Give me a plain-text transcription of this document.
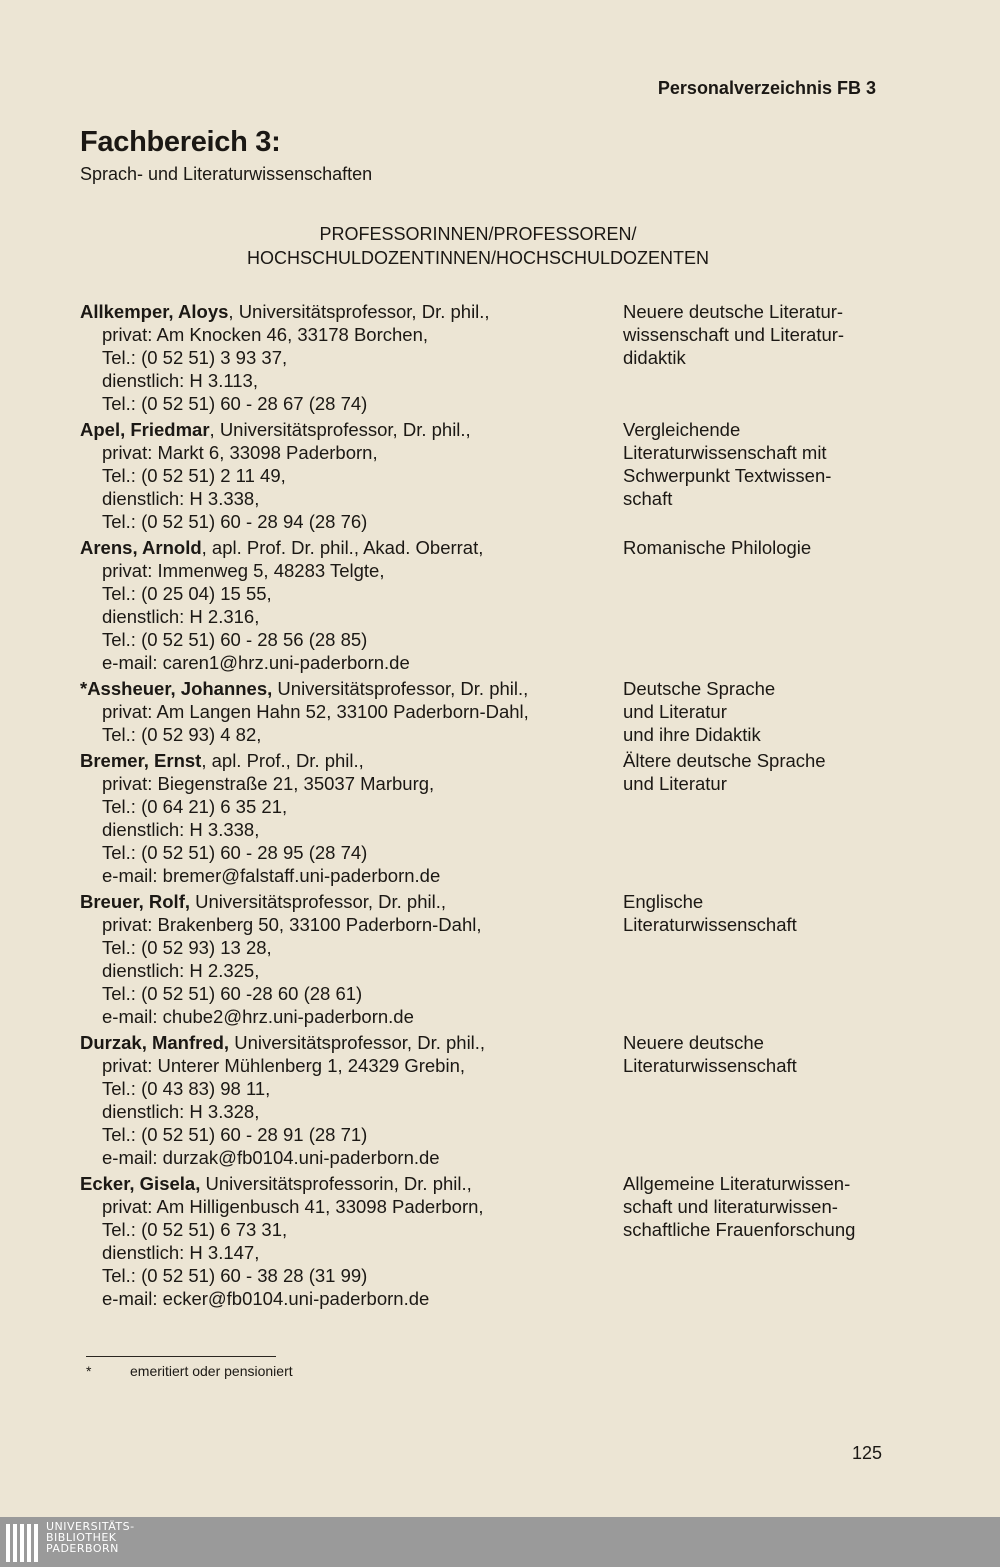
Personalverzeichnis FB 3
Fachbereich 3:
Sprach- und Literaturwissenschaften
PROFESSORINNEN/PROFESSOREN/
HOCHSCHULDOZENTINNEN/HOCHSCHULDOZENTEN
Allkemper, Aloys, Universitätsprofessor, Dr. phil.,
privat: Am Knocken 46, 33178 Borchen,
Tel.: (0 52 51) 3 93 37,
dienstlich: H 3.113,
Tel.: (0 52 51) 60 - 28 67 (28 74)
Neuere deutsche Literatur-
wissenschaft und Literatur-
didaktik
Apel, Friedmar, Universitätsprofessor, Dr. phil.,
privat: Markt 6, 33098 Paderborn,
Tel.: (0 52 51) 2 11 49,
dienstlich: H 3.338,
Tel.: (0 52 51) 60 - 28 94 (28 76)
Vergleichende
Literaturwissenschaft mit
Schwerpunkt Textwissen-
schaft
Arens, Arnold, apl. Prof. Dr. phil., Akad. Oberrat,
privat: Immenweg 5, 48283 Telgte,
Tel.: (0 25 04) 15 55,
dienstlich: H 2.316,
Tel.: (0 52 51) 60 - 28 56 (28 85)
e-mail: caren1@hrz.uni-paderborn.de
Romanische Philologie
*Assheuer, Johannes, Universitätsprofessor, Dr. phil.,
privat: Am Langen Hahn 52, 33100 Paderborn-Dahl,
Tel.: (0 52 93) 4 82,
Deutsche Sprache
und Literatur
und ihre Didaktik
Bremer, Ernst, apl. Prof., Dr. phil.,
privat: Biegenstraße 21, 35037 Marburg,
Tel.: (0 64 21) 6 35 21,
dienstlich: H 3.338,
Tel.: (0 52 51) 60 - 28 95 (28 74)
e-mail: bremer@falstaff.uni-paderborn.de
Ältere deutsche Sprache
und Literatur
Breuer, Rolf, Universitätsprofessor, Dr. phil.,
privat: Brakenberg 50, 33100 Paderborn-Dahl,
Tel.: (0 52 93) 13 28,
dienstlich: H 2.325,
Tel.: (0 52 51) 60 -28 60 (28 61)
e-mail: chube2@hrz.uni-paderborn.de
Englische
Literaturwissenschaft
Durzak, Manfred, Universitätsprofessor, Dr. phil.,
privat: Unterer Mühlenberg 1, 24329 Grebin,
Tel.: (0 43 83) 98 11,
dienstlich: H 3.328,
Tel.: (0 52 51) 60 - 28 91 (28 71)
e-mail: durzak@fb0104.uni-paderborn.de
Neuere deutsche
Literaturwissenschaft
Ecker, Gisela, Universitätsprofessorin, Dr. phil.,
privat: Am Hilligenbusch 41, 33098 Paderborn,
Tel.: (0 52 51) 6 73 31,
dienstlich: H 3.147,
Tel.: (0 52 51) 60 - 38 28 (31 99)
e-mail: ecker@fb0104.uni-paderborn.de
Allgemeine Literaturwissen-
schaft und literaturwissen-
schaftliche Frauenforschung
*	emeritiert oder pensioniert
125
UNIVERSITÄTS-
BIBLIOTHEK
PADERBORN
